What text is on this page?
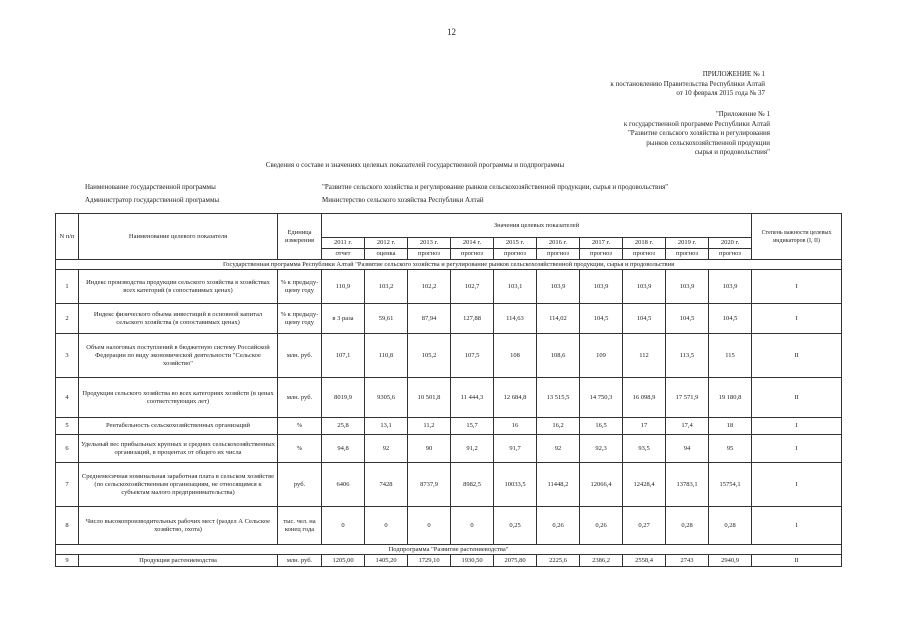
12
ПРИЛОЖЕНИЕ № 1
к постановлению Правительства Республики Алтай
от 10 февраля 2015 года № 37
"Приложение № 1
к государственной программе Республики Алтай
"Развитие сельского хозяйства и регулирования
рынков сельскохозяйственной продукции
сырья и продовольствия"
Сведения о составе и значениях целевых показателей государственной программы и подпрограммы
Наименование государственной программы	"Развитие сельского хозяйства и регулирование рынков сельскохозяйственной продукции, сырья и продовольствия"
Администратор государственной программы	Министерство сельского хозяйства Республики Алтай
N п/п	Наименование целевого показателя	Единица измерения	Значения целевых показателей										Степень важности целевых индикаторов (I, II)
			2011 г.	2012 г.	2013 г.	2014 г.	2015 г.	2016 г.	2017 г.	2018 г.	2019 г.	2020 г.	
			отчет	оценка	прогноз	прогноз	прогноз	прогноз	прогноз	прогноз	прогноз	прогноз	
Государственная программа Республики Алтай "Развитие сельского хозяйства и регулирование рынков сельскохозяйственной продукции, сырья и продовольствия													
1	Индекс производства продукции сельского хозяйства в хозяйствах всех категорий (в сопоставимых ценах)	% к предыду-щему году	110,9	103,2	102,2	102,7	103,1	103,9	103,9	103,9	103,9	103,9	I
2	Индекс физического объема инвестиций в основной капитал сельского хозяйства (в сопоставимых ценах)	% к предыду-щему году	в 3 раза	59,61	87,94	127,88	114,63	114,02	104,5	104,5	104,5	104,5	I
3	Объем налоговых поступлений в бюджетную систему Российской Федерации по виду экономической деятельности "Сельское хозяйство"	млн. руб.	107,1	110,8	105,2	107,5	108	108,6	109	112	113,5	115	II
4	Продукция сельского хозяйства во всех категориях хозяйств (в ценах соответствующих лет)	млн. руб.	8019,9	9305,6	10 501,8	11 444,3	12 684,8	13 515,5	14 750,3	16 098,9	17 571,9	19 180,8	II
5	Рентабельность сельскохозяйственных организаций	%	25,8	13,1	11,2	15,7	16	16,2	16,5	17	17,4	18	I
6	Удельный вес прибыльных крупных и средних сельскохозяйственных организаций, в процентах от общего их числа	%	94,8	92	90	91,2	91,7	92	92,3	93,5	94	95	I
7	Среднемесячная номинальная заработная плата в сельском хозяйстве (по сельскохозяйственным организациям, не относящимся к субъектам малого предпринимательства)	руб.	6406	7428	8737,9	8982,5	10033,5	11448,2	12066,4	12428,4	13783,1	15754,1	I
8	Число высокопроизводительных рабочих мест (раздел А Сельское хозяйство, охота)	тыс. чел. на конец года	0	0	0	0	0,25	0,26	0,26	0,27	0,28	0,28	I
Подпрограмма "Развитие растениеводства"													
9	Продукция растениеводства	млн. руб.	1205,00	1405,20	1729,10	1930,50	2075,80	2225,6	2386,2	2558,4	2743	2940,9	II
